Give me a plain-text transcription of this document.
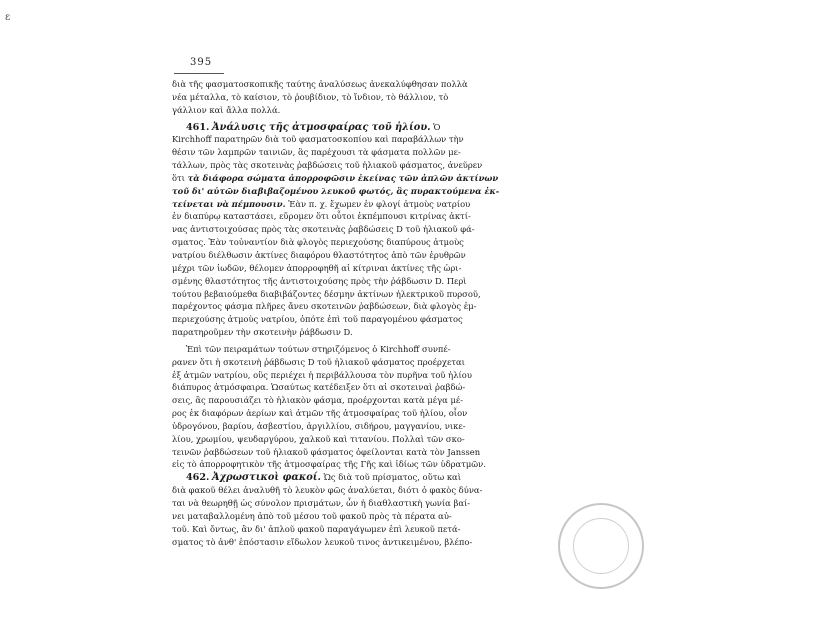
ε
395
διὰ τῆς φασματοσκοπικῆς ταύτης ἀναλύσεως ἀνεκαλύφθησαν πολλὰ
νέα μέταλλα, τὸ καίσιον, τὸ ῥουβίδιον, τὸ ἴνδιον, τὸ θάλλιον, τὸ
γάλλιον καὶ ἄλλα πολλά.
461. Ἀνάλυσις τῆς ἀτμοσφαίρας τοῦ ἡλίου. Ὁ
Kirchhoff παρατηρῶν διὰ τοῦ φασματοσκοπίου καὶ παραβάλλων τὴν
θέσιν τῶν λαμπρῶν ταινιῶν, ἃς παρέχουσι τὰ φάσματα πολλῶν με-
τάλλων, πρὸς τὰς σκοτεινὰς ῥαβδώσεις τοῦ ἡλιακοῦ φάσματος, ἀνεῦρεν
ὅτι τὰ διάφορα σώματα ἀπορροφῶσιν ἐκείνας τῶν ἁπλῶν ἀκτίνων
τοῦ δι' αὐτῶν διαβιβαζομένου λευκοῦ φωτός, ἃς πυρακτούμενα ἐκ-
τείνεται νὰ πέμπουσιν. Ἐὰν π. χ. ἔχωμεν ἐν φλογί ἀτμοὺς νατρίου
ἐν διαπύρῳ καταστάσει, εὕρομεν ὅτι οὗτοι ἐκπέμπουσι κιτρίνας ἀκτί-
νας ἀντιστοιχούσας πρὸς τὰς σκοτεινὰς ῥαβδώσεις D τοῦ ἡλιακοῦ φά-
σματος. Ἐὰν τοὐναντίον διὰ φλογὸς περιεχούσης διαπύρους ἀτμοὺς
νατρίου διέλθωσιν ἀκτίνες διαφόρου θλαστότητος ἀπὸ τῶν ἐρυθρῶν
μέχρι τῶν ἰωδῶν, θέλομεν ἀπορροφηθῆ αἱ κίτριναι ἀκτίνες τῆς ὡρι-
σμένης θλαστότητος τῆς ἀντιστοιχούσης πρὸς τὴν ῥάβδωσιν D. Περὶ
τούτου βεβαιούμεθα διαβιβάζοντες δέσμην ἀκτίνων ἠλεκτρικοῦ πυρσοῦ,
παρέχοντος φάσμα πλῆρες ἄνευ σκοτεινῶν ῥαβδώσεων, διὰ φλογὸς ἐμ-
περιεχούσης ἀτμοὺς νατρίου, ὁπότε ἐπὶ τοῦ παραγομένου φάσματος
παρατηροῦμεν τὴν σκοτεινὴν ῥάβδωσιν D.
Ἐπὶ τῶν πειραμάτων τούτων στηριζόμενος ὁ Kirchhoff συνπέ-
ρανεν ὅτι ἡ σκοτεινὴ ῥάβδωσις D τοῦ ἡλιακοῦ φάσματος προέρχεται
ἐξ ἀτμῶν νατρίου, οὓς περιέχει ἡ περιβάλλουσα τὸν πυρῆνα τοῦ ἡλίου
διάπυρος ἀτμόσφαιρα. Ὡσαύτως κατέδειξεν ὅτι αἱ σκοτειναὶ ῥαβδώ-
σεις, ἃς παρουσιάζει τὸ ἡλιακὸν φάσμα, προέρχονται κατὰ μέγα μέ-
ρος ἐκ διαφόρων ἀερίων καὶ ἀτμῶν τῆς ἀτμοσφαίρας τοῦ ἡλίου, οἷον
ὑδρογόνου, βαρίου, ἀσβεστίου, ἀργιλλίου, σιδήρου, μαγγανίου, νικε-
λίου, χρωμίου, ψευδαργύρου, χαλκοῦ καὶ τιτανίου. Πολλαὶ τῶν σκο-
τεινῶν ῥαβδώσεων τοῦ ἡλιακοῦ φάσματος ὀφείλονται κατὰ τὸν Janssen
εἰς τὸ ἀπορροφητικὸν τῆς ἀτμοσφαίρας τῆς Γῆς καὶ ἰδίως τῶν ὑδρατμῶν.
462. Ἀχρωστικοὶ φακοί. Ὡς διὰ τοῦ πρίσματος, οὕτω καὶ
διὰ φακοῦ θέλει ἀναλυθῆ τὸ λευκὸν φῶς ἀναλύεται, διότι ὁ φακὸς δύνα-
ται νὰ θεωρηθῇ ὡς σύνολον πρισμάτων, ὧν ἡ διαθλαστικὴ γωνία βαί-
νει ματαβαλλομένη ἀπὸ τοῦ μέσου τοῦ φακοῦ πρὸς τὰ πέρατα αὐ-
τοῦ. Καὶ ὄντως, ἂν δι' ἁπλοῦ φακοῦ παραγάγωμεν ἐπὶ λευκοῦ πετά-
σματος τὸ ἀνθ' ἑπόστασιν εἴδωλον λευκοῦ τινος ἀντικειμένου, βλέπο-
